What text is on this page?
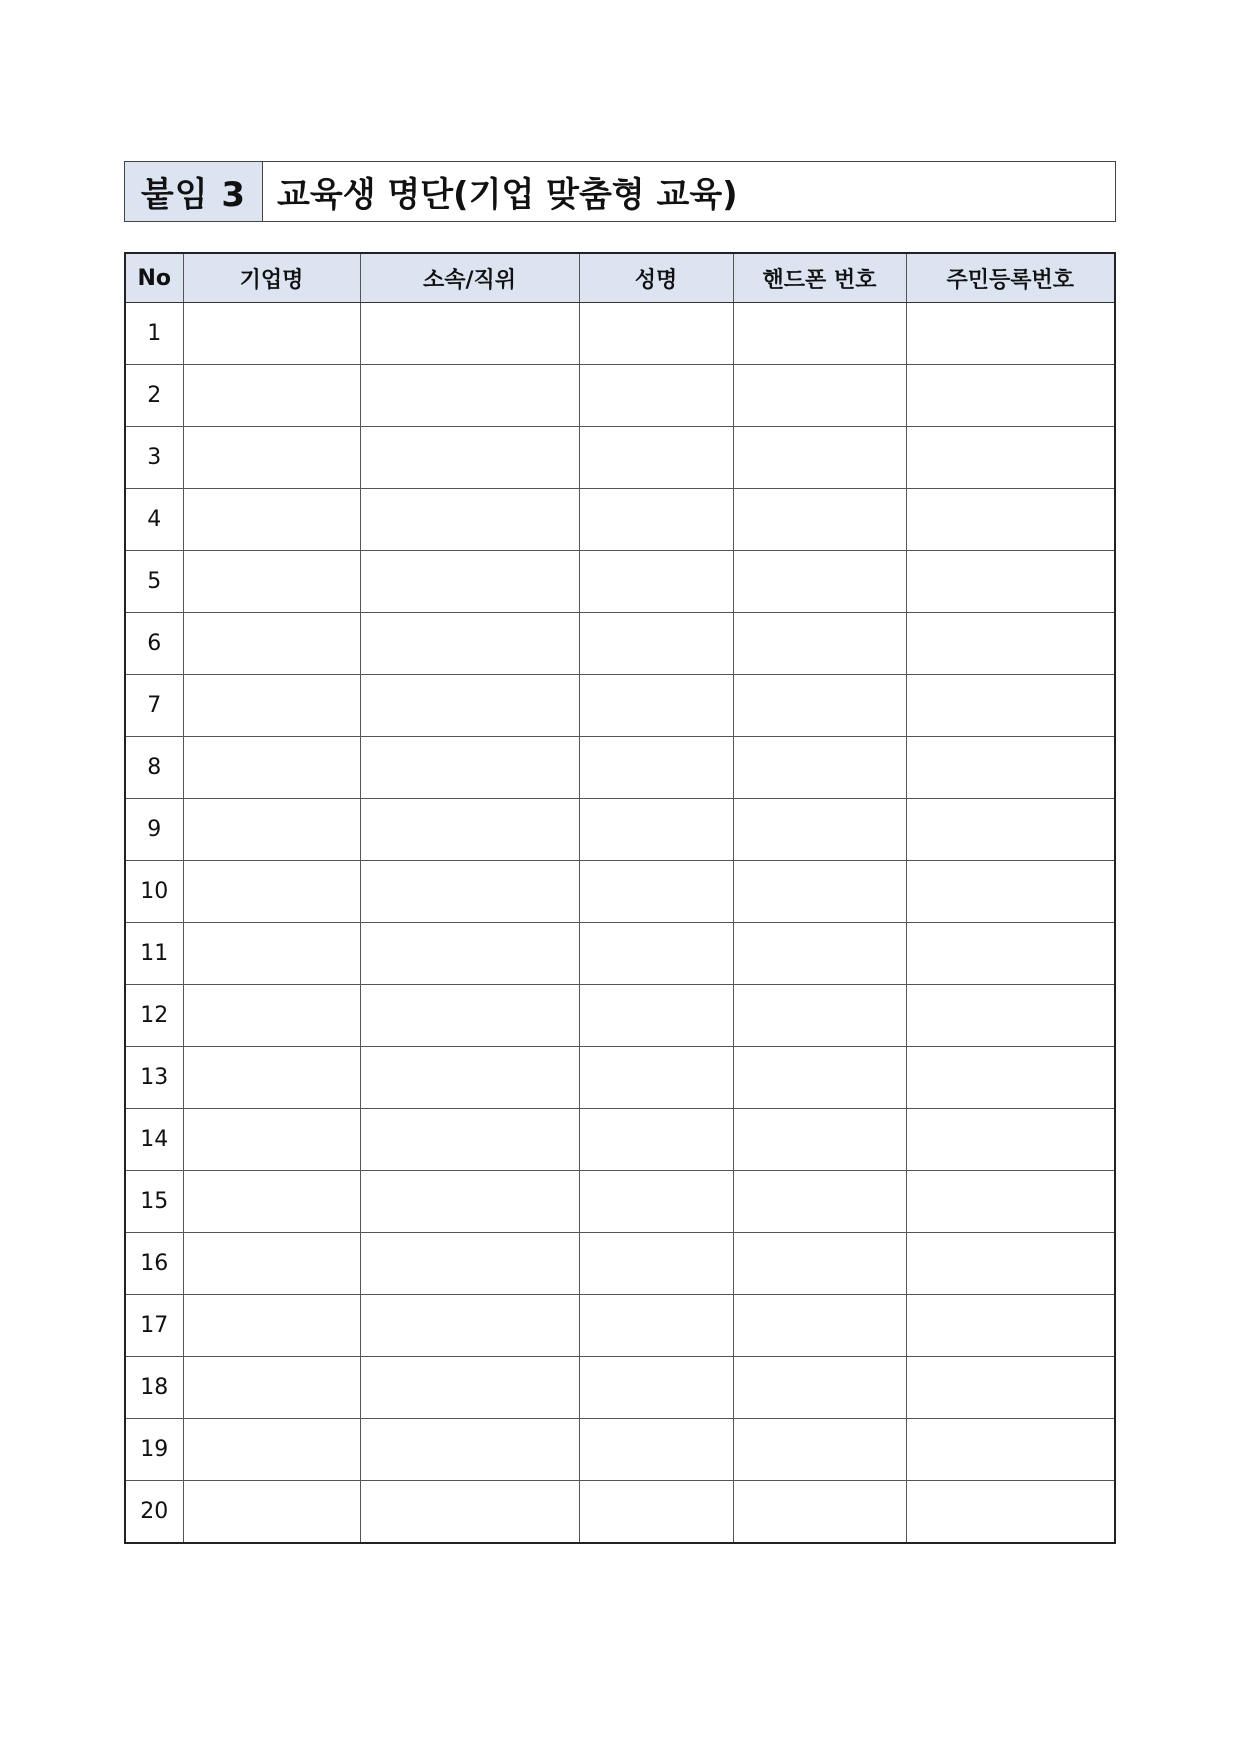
붙임 3 교육생 명단(기업 맞춤형 교육)
No	기업명	소속/직위	성명	핸드폰 번호	주민등록번호
1					
2					
3					
4					
5					
6					
7					
8					
9					
10					
11					
12					
13					
14					
15					
16					
17					
18					
19					
20					
